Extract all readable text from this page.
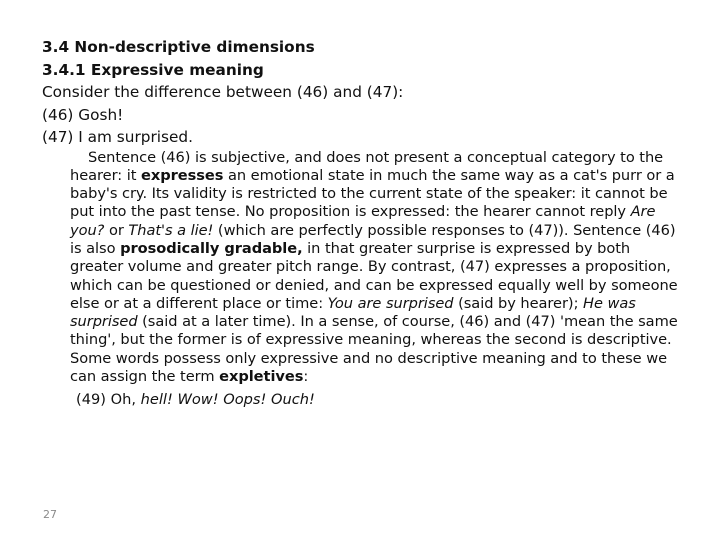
3.4 Non-descriptive dimensions
3.4.1 Expressive meaning
Consider the difference between (46) and (47):
(46) Gosh!
(47) I am surprised.
Sentence (46) is subjective, and does not present a conceptual category to the hearer: it expresses an emotional state in much the same way as a cat's purr or a baby's cry. Its validity is restricted to the current state of the speaker: it cannot be put into the past tense. No proposition is expressed: the hearer cannot reply Are you? or That's a lie! (which are perfectly possible responses to (47)). Sentence (46) is also prosodically gradable, in that greater surprise is expressed by both greater volume and greater pitch range. By contrast, (47) expresses a proposition, which can be questioned or denied, and can be expressed equally well by someone else or at a different place or time: You are surprised (said by hearer); He was surprised (said at a later time). In a sense, of course, (46) and (47) 'mean the same thing', but the former is of expressive meaning, whereas the second is descriptive. Some words possess only expressive and no descriptive meaning and to these we can assign the term expletives:
(49) Oh, hell! Wow! Oops! Ouch!
27
